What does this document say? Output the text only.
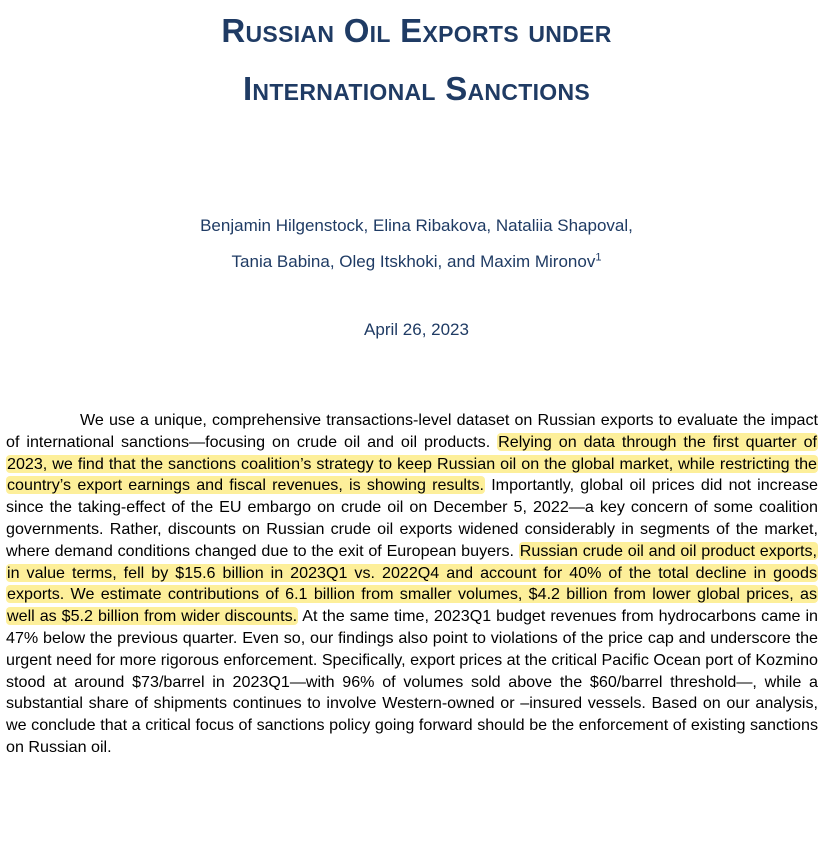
Russian Oil Exports under
International Sanctions
Benjamin Hilgenstock, Elina Ribakova, Nataliia Shapoval,
Tania Babina, Oleg Itskhoki, and Maxim Mironov$^1$
April 26, 2023

We use a unique, comprehensive transactions-level dataset on Russian exports to evaluate the impact of international sanctions—focusing on crude oil and oil products. Relying on data through the first quarter of 2023, we find that the sanctions coalition’s strategy to keep Russian oil on the global market, while restricting the country’s export earnings and fiscal revenues, is showing results. Importantly, global oil prices did not increase since the taking-effect of the EU embargo on crude oil on December 5, 2022—a key concern of some coalition governments. Rather, discounts on Russian crude oil exports widened considerably in segments of the market, where demand conditions changed due to the exit of European buyers. Russian crude oil and oil product exports, in value terms, fell by $15.6 billion in 2023Q1 vs. 2022Q4 and account for 40% of the total decline in goods exports. We estimate contributions of 6.1 billion from smaller volumes, $4.2 billion from lower global prices, as well as $5.2 billion from wider discounts. At the same time, 2023Q1 budget revenues from hydrocarbons came in 47% below the previous quarter. Even so, our findings also point to violations of the price cap and underscore the urgent need for more rigorous enforcement. Specifically, export prices at the critical Pacific Ocean port of Kozmino stood at around $73/barrel in 2023Q1—with 96% of volumes sold above the $60/barrel threshold—, while a substantial share of shipments continues to involve Western-owned or –insured vessels. Based on our analysis, we conclude that a critical focus of sanctions policy going forward should be the enforcement of existing sanctions on Russian oil.
